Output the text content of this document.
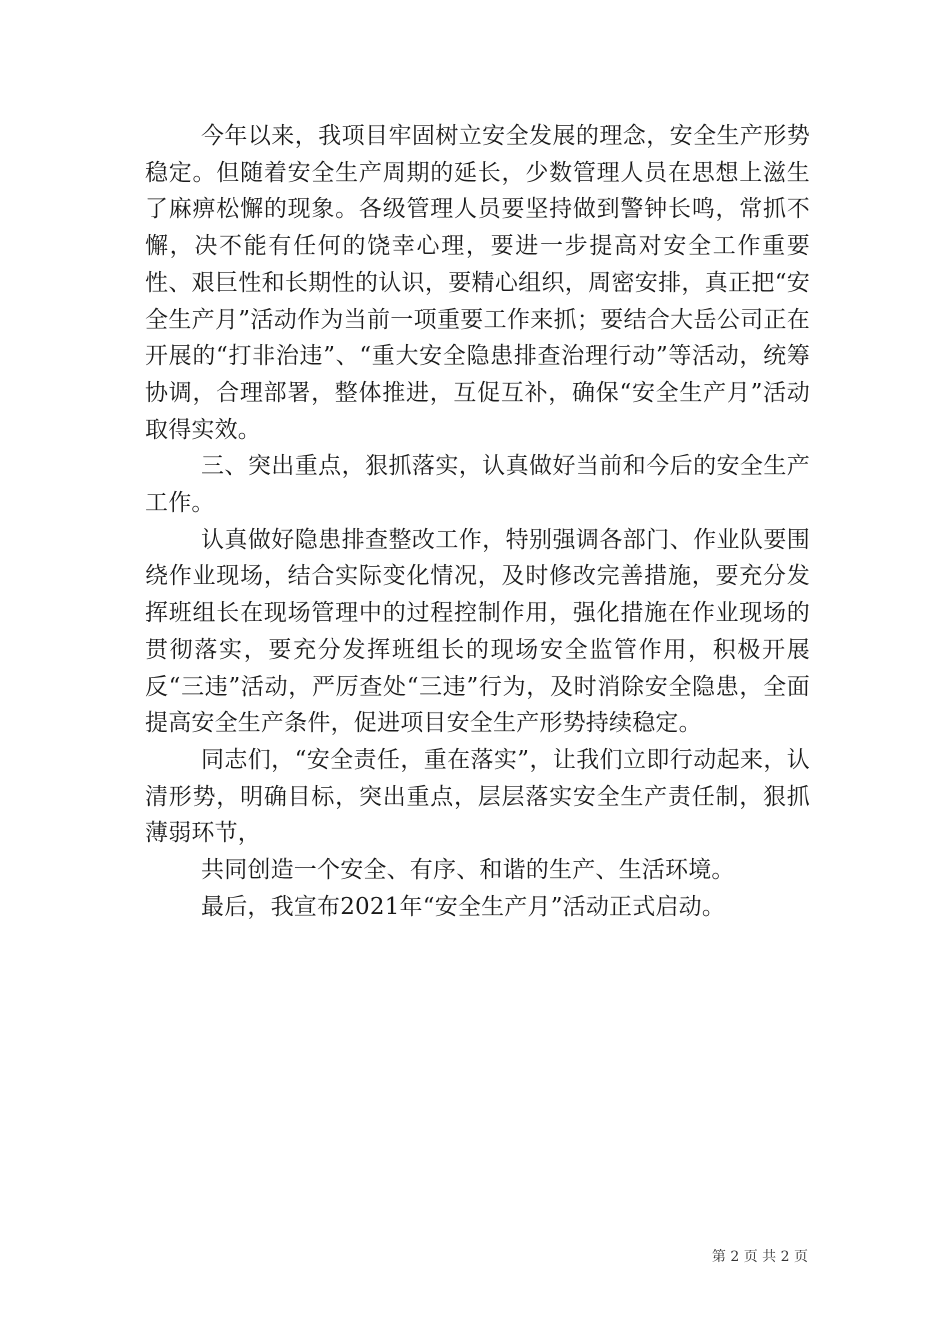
今年以来，我项目牢固树立安全发展的理念，安全生产形势稳定。但随着安全生产周期的延长，少数管理人员在思想上滋生了麻痹松懈的现象。各级管理人员要坚持做到警钟长鸣，常抓不懈，决不能有任何的饶幸心理，要进一步提高对安全工作重要性、艰巨性和长期性的认识，要精心组织，周密安排，真正把“安全生产月”活动作为当前一项重要工作来抓；要结合大岳公司正在开展的“打非治违”、“重大安全隐患排查治理行动”等活动，统筹协调，合理部署，整体推进，互促互补，确保“安全生产月”活动取得实效。

三、突出重点，狠抓落实，认真做好当前和今后的安全生产工作。

认真做好隐患排查整改工作，特别强调各部门、作业队要围绕作业现场，结合实际变化情况，及时修改完善措施，要充分发挥班组长在现场管理中的过程控制作用，强化措施在作业现场的贯彻落实，要充分发挥班组长的现场安全监管作用，积极开展反“三违”活动，严厉查处“三违”行为，及时消除安全隐患，全面提高安全生产条件，促进项目安全生产形势持续稳定。

同志们，“安全责任，重在落实”，让我们立即行动起来，认清形势，明确目标，突出重点，层层落实安全生产责任制，狠抓薄弱环节，

共同创造一个安全、有序、和谐的生产、生活环境。

最后，我宣布2021年“安全生产月”活动正式启动。

第 2 页 共 2 页
